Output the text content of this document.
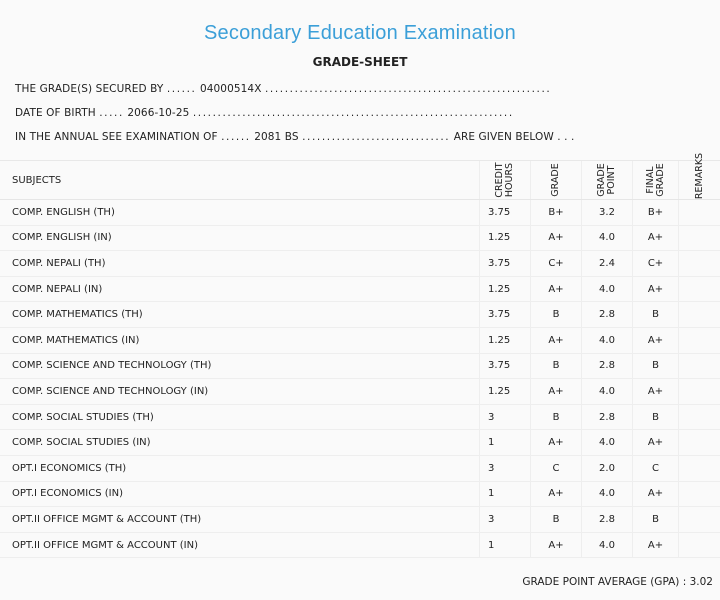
Secondary Education Examination
GRADE-SHEET
THE GRADE(S) SECURED BY ...... 04000514X ..........................................................
DATE OF BIRTH ..... 2066-10-25 .................................................................
IN THE ANNUAL SEE EXAMINATION OF ...... 2081 BS .............................. ARE GIVEN BELOW . . .
SUBJECTS	CREDIT HOURS	GRADE	GRADE POINT	FINAL GRADE	REMARKS

COMP. ENGLISH (TH)	3.75	B+	3.2	B+	
COMP. ENGLISH (IN)	1.25	A+	4.0	A+	
COMP. NEPALI (TH)	3.75	C+	2.4	C+	
COMP. NEPALI (IN)	1.25	A+	4.0	A+	
COMP. MATHEMATICS (TH)	3.75	B	2.8	B	
COMP. MATHEMATICS (IN)	1.25	A+	4.0	A+	
COMP. SCIENCE AND TECHNOLOGY (TH)	3.75	B	2.8	B	
COMP. SCIENCE AND TECHNOLOGY (IN)	1.25	A+	4.0	A+	
COMP. SOCIAL STUDIES (TH)	3	B	2.8	B	
COMP. SOCIAL STUDIES (IN)	1	A+	4.0	A+	
OPT.I ECONOMICS (TH)	3	C	2.0	C	
OPT.I ECONOMICS (IN)	1	A+	4.0	A+	
OPT.II OFFICE MGMT & ACCOUNT (TH)	3	B	2.8	B	
OPT.II OFFICE MGMT & ACCOUNT (IN)	1	A+	4.0	A+	
GRADE POINT AVERAGE (GPA) : 3.02
